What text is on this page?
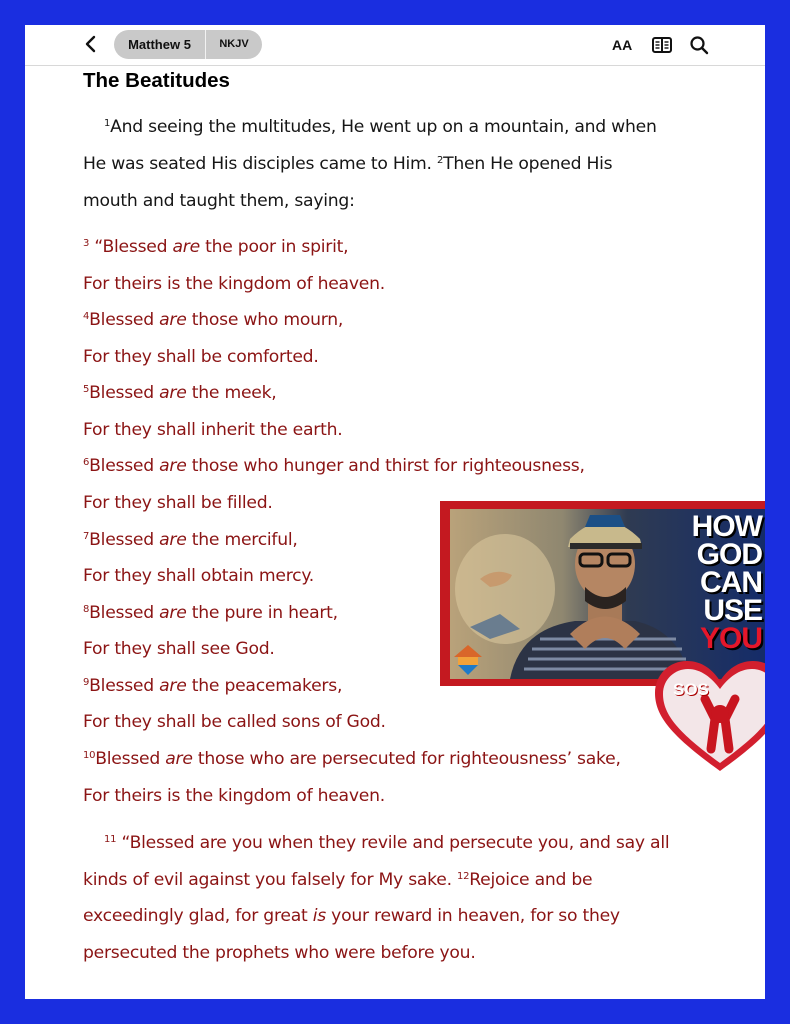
Matthew 5	NKJV	AA
The Beatitudes
$^1$And seeing the multitudes, He went up on a mountain, and when
He was seated His disciples came to Him. $^2$Then He opened His
mouth and taught them, saying:
$^3$ “Blessed are the poor in spirit,
For theirs is the kingdom of heaven.
$^4$Blessed are those who mourn,
For they shall be comforted.
$^5$Blessed are the meek,
For they shall inherit the earth.
$^6$Blessed are those who hunger and thirst for righteousness,
For they shall be filled.
$^7$Blessed are the merciful,
For they shall obtain mercy.
$^8$Blessed are the pure in heart,
For they shall see God.
$^9$Blessed are the peacemakers,
For they shall be called sons of God.
$^{10}$Blessed are those who are persecuted for righteousness’ sake,
For theirs is the kingdom of heaven.
$^{11}$ “Blessed are you when they revile and persecute you, and say all
kinds of evil against you falsely for My sake. $^{12}$Rejoice and be
exceedingly glad, for great is your reward in heaven, for so they
persecuted the prophets who were before you.
HOW
GOD
CAN
USE
YOU
SOS
